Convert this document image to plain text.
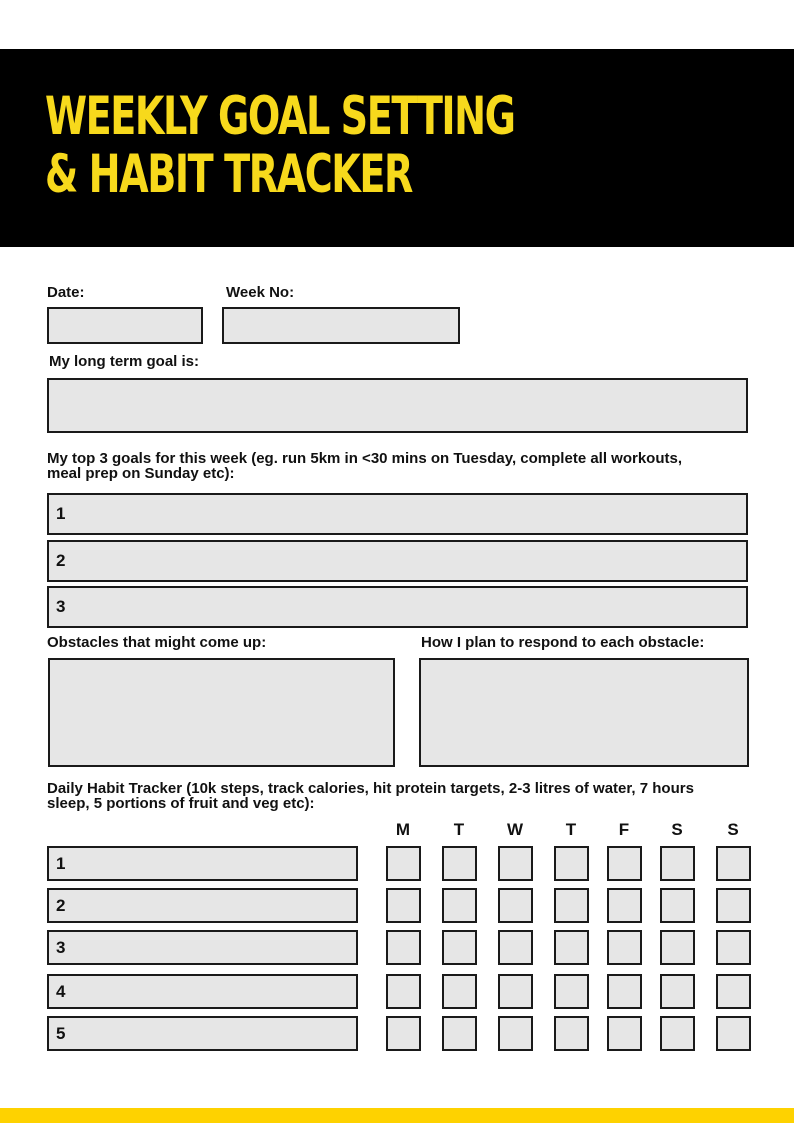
WEEKLY GOAL SETTING
& HABIT TRACKER
Date:	Week No:
My long term goal is:
My top 3 goals for this week (eg. run 5km in <30 mins on Tuesday, complete all workouts,
meal prep on Sunday etc):
1
2
3
Obstacles that might come up:	How I plan to respond to each obstacle:
Daily Habit Tracker (10k steps, track calories, hit protein targets, 2-3 litres of water, 7 hours
sleep, 5 portions of fruit and veg etc):
M	T	W	T	F	S	S
1
2
3
4
5
